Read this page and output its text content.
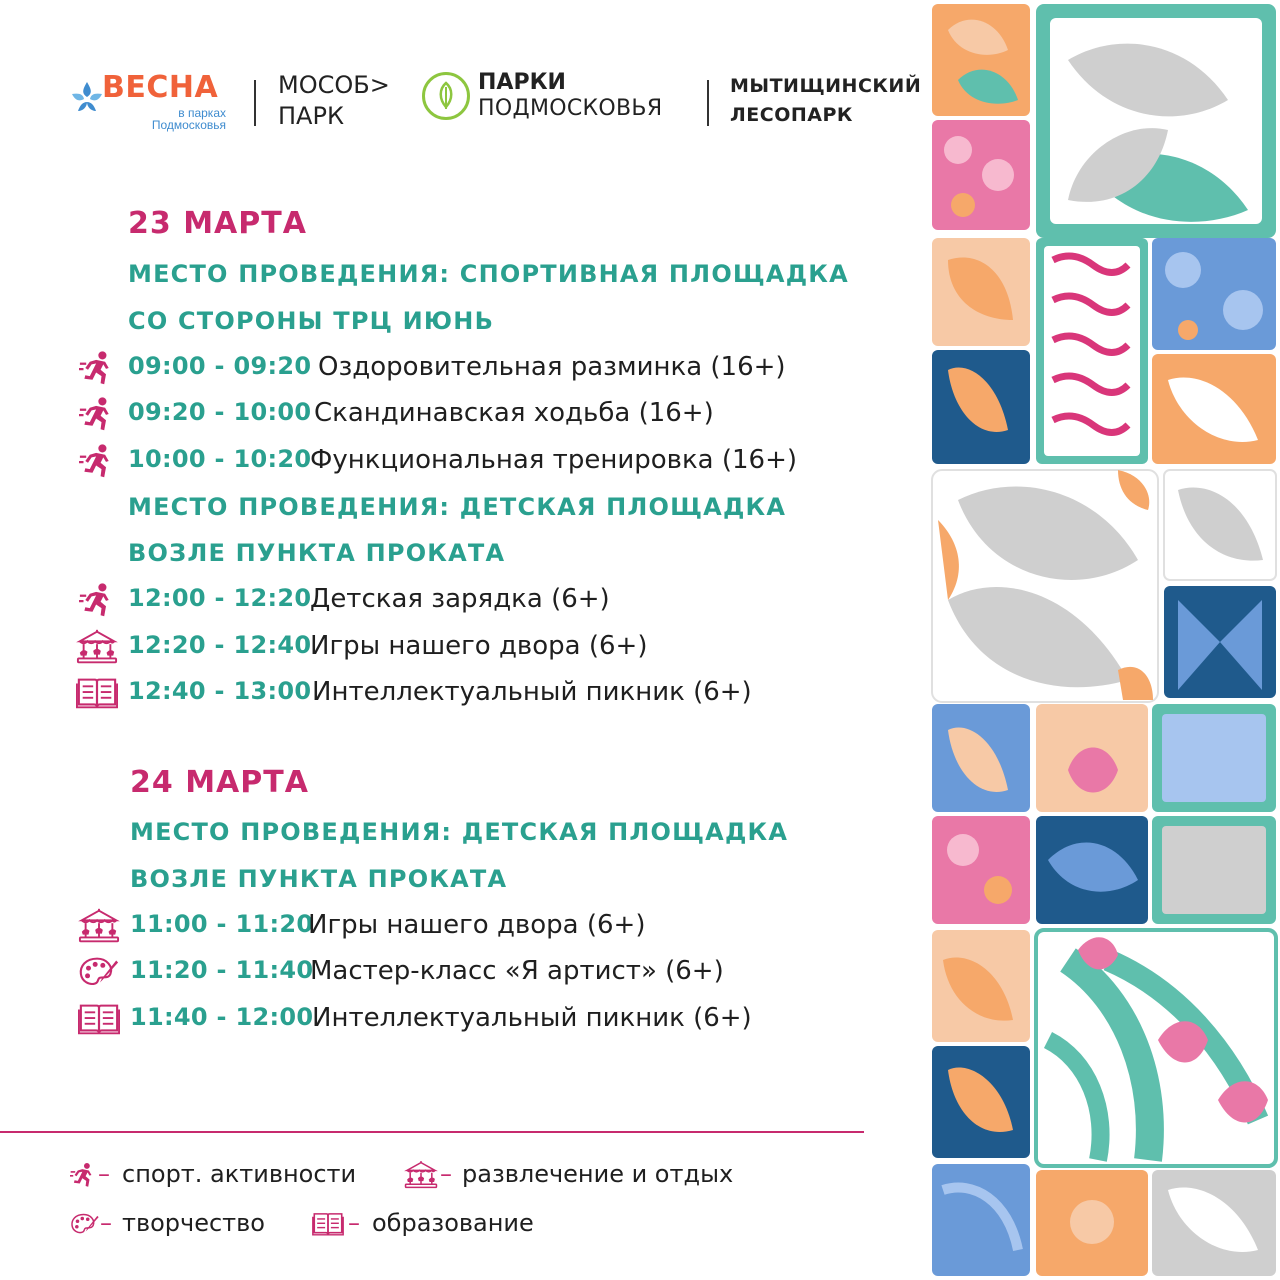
ВЕСНА
в парках
Подмосковья
МОСОБ>
ПАРК
ПАРКИ
ПОДМОСКОВЬЯ
МЫТИЩИНСКИЙ
ЛЕСОПАРК
23 МАРТА
МЕСТО ПРОВЕДЕНИЯ: СПОРТИВНАЯ ПЛОЩАДКА
СО СТОРОНЫ ТРЦ ИЮНЬ
09:00 - 09:20 Оздоровительная разминка (16+)
09:20 - 10:00 Скандинавская ходьба (16+)
10:00 - 10:20
Функциональная тренировка (16+)
МЕСТО ПРОВЕДЕНИЯ: ДЕТСКАЯ ПЛОЩАДКА
ВОЗЛЕ ПУНКТА ПРОКАТА
12:00 - 12:20
Детская зарядка (6+)
12:20 - 12:40
Игры нашего двора (6+)
12:40 - 13:00 Интеллектуальный пикник (6+)
24 МАРТА
МЕСТО ПРОВЕДЕНИЯ: ДЕТСКАЯ ПЛОЩАДКА
ВОЗЛЕ ПУНКТА ПРОКАТА
11:00 - 11:20
Игры нашего двора (6+)
11:20 - 11:40
Мастер-класс «Я артист» (6+)
11:40 - 12:00
Интеллектуальный пикник (6+)
– спорт. активности	– развлечение и отдых
– творчество	– образование
